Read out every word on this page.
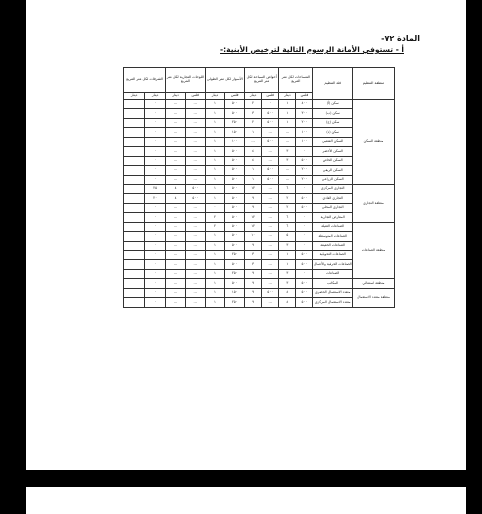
المادة ٧٢-
أ - تستوفي الأمانة الرسوم التالية لترخيص الأبنية:-
منطقة التنظيم	فئة التنظيم	المساحات لكل متر المربع		أحواض السباحة لكل متر المربع		الأسوار لكل متر الطولي		اللوحات التجارية لكل متر المربع		الشرفات لكل متر المربع	
		فلس	دينار	فلس	دينار	فلس	دينار	فلس	دينار	دينار	دينار
منطقة السكن	سكن (أ)	٤٠٠	١	٠	٢	٥٠٠	١	...	...	٠	
	سكن (ب)	٣٠٠	١	٥٠٠	٣	٥٠٠	١	...	...	٠	
	سكن (ج)	٢٠٠	١	٥٠٠	٢	٢٥٠	١	...	...	٠	
	سكن (د)	١٠٠	...	...	١	١٥٠	١	...	...	٠	
	السكن الشعبي	١٠٠	...	٥٠٠	...	١٠٠	١	...	...	٠	
	السكن الأخضر	٠	٣	...	٤	٥٠٠	١	...	...	٠	
	السكن الخاص	٥٠٠	٣	...	٤	٥٠٠	١	...	...	٠	
	السكن الريفي	٢٠٠	...	٥٠٠	١	٥٠٠	١	...	...	٠	
	السكن الزراعي	٢٠٠	...	٥٠٠	١	٥٠٠	١	...	...	٠	
منطقة التجاري	التجاري المركزي	٠	٦	...	١٢	٥٠٠	١	٥٠٠	٤	٢٥	
	التجاري العادي	٥٠٠	٢	...	٩	٥٠٠	١	٥٠٠	٤	٢٠	
	التجاري المحلي	٥٠٠	٢	...	٩	٥٠٠	٠	...	...	٠	
	المعارض التجارية	٠	٦	...	١٢	٥٠٠	٢	...	...	٠	
منطقة الصناعات	الصناعات الثقيلة	٠	٦	...	١٢	٥٠٠	٢	...	...	٠	
	الصناعات المتوسطة	٠	٥	...	١٠	٥٠٠	١	...	...	٠	
	الصناعات الخفيفة	٠	٣	...	٩	٥٠٠	١	...	...	٠	
	الصناعات التحويلية	٥٠٠	١	...	٣	٢٥٠	١	...	...	٠	
	الصناعات الحرفية والأعمال	٥٠٠	١	...	٣	٥٠٠	١	...	...	٠	
	الصناعات	٠	٣	...	٩	٢٥٠	١	...	...	٠	
منطقة استثنائي	المكاتب	٥٠٠	٣	...	٩	٥٠٠	١	...	...	٠	
منطقة متعدد الاستعمال	متعدد الاستعمال الحضري	٥٠٠	٤	٥٠٠	٩	١٥٠	١	...	...	٠	
	متعدد الاستعمال المركزي	٥٠٠	٤	...	٩	٢٥٠	١	...	...	٠	
